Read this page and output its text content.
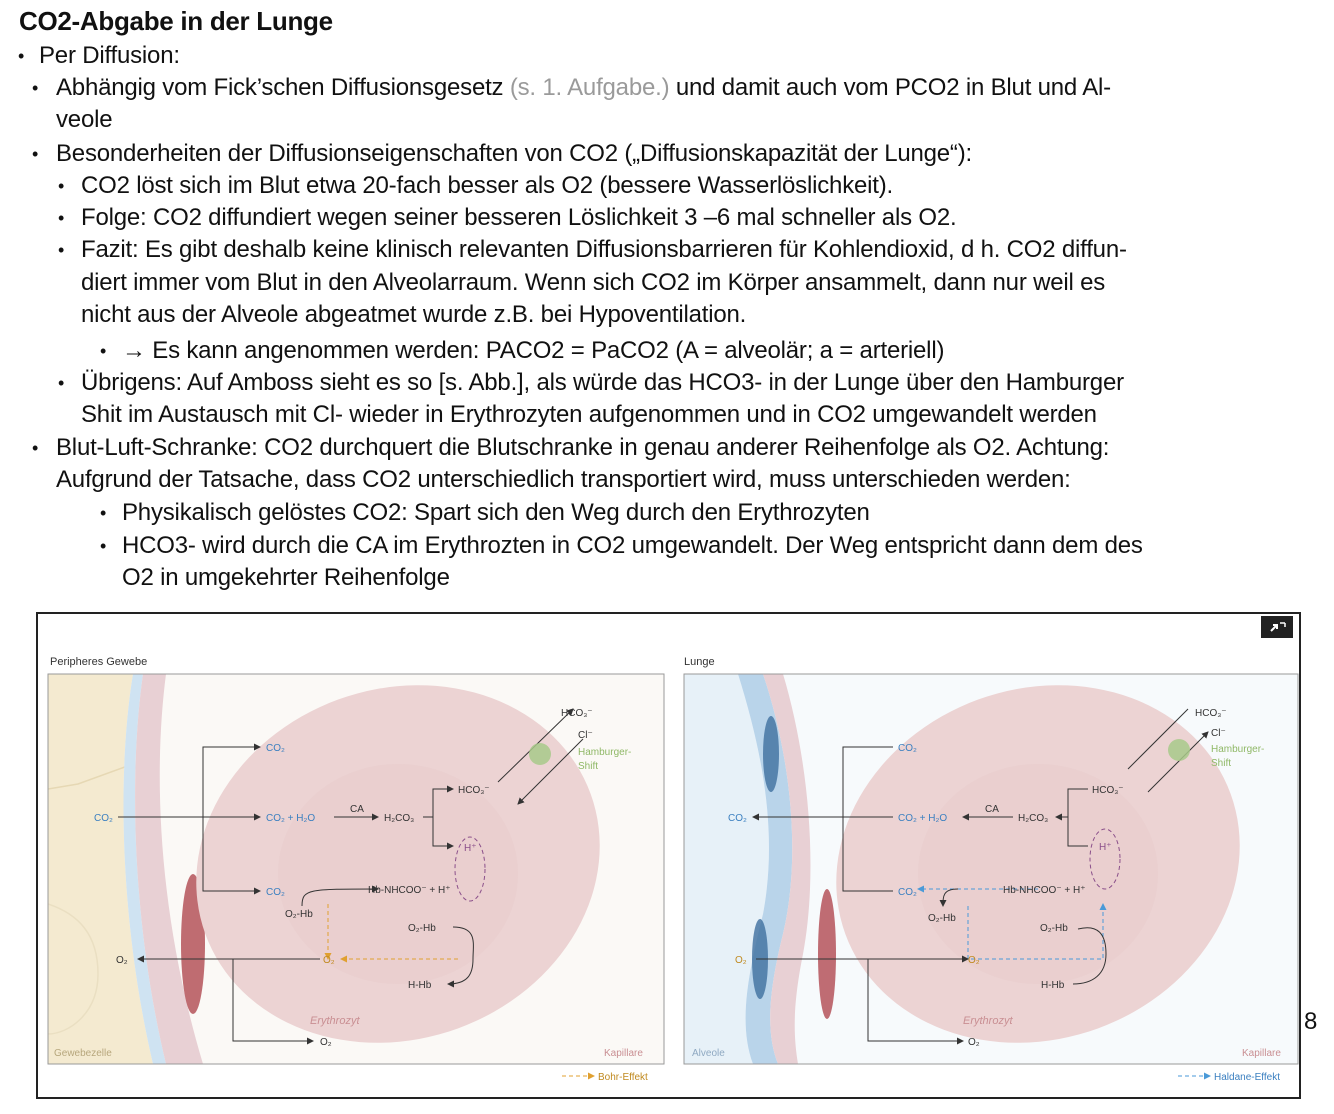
CO2-Abgabe in der Lunge
• Per Diffusion:
• Abhängig vom Fick’schen Diffusionsgesetz (s. 1. Aufgabe.) und damit auch vom PCO2 in Blut und Al-
veole
• Besonderheiten der Diffusionseigenschaften von CO2 („Diffusionskapazität der Lunge“):
• CO2 löst sich im Blut etwa 20-fach besser als O2 (bessere Wasserlöslichkeit).
• Folge: CO2 diffundiert wegen seiner besseren Löslichkeit 3 –6 mal schneller als O2.
• Fazit: Es gibt deshalb keine klinisch relevanten Diffusionsbarrieren für Kohlendioxid, d h. CO2 diffun-
diert immer vom Blut in den Alveolarraum. Wenn sich CO2 im Körper ansammelt, dann nur weil es
nicht aus der Alveole abgeatmet wurde z.B. bei Hypoventilation.
• → Es kann angenommen werden: PACO2 = PaCO2 (A = alveolär; a = arteriell)
• Übrigens: Auf Amboss sieht es so [s. Abb.], als würde das HCO3- in der Lunge über den Hamburger
Shit im Austausch mit Cl- wieder in Erythrozyten aufgenommen und in CO2 umgewandelt werden
• Blut-Luft-Schranke: CO2 durchquert die Blutschranke in genau anderer Reihenfolge als O2. Achtung:
Aufgrund der Tatsache, dass CO2 unterschiedlich transportiert wird, muss unterschieden werden:
• Physikalisch gelöstes CO2: Spart sich den Weg durch den Erythrozyten
• HCO3- wird durch die CA im Erythrozten in CO2 umgewandelt. Der Weg entspricht dann dem des
O2 in umgekehrter Reihenfolge
Peripheres Gewebe
CO₂
CO₂
CO₂ + H₂O
CO₂
CA
H₂CO₃
HCO₃⁻
H⁺
HCO₃⁻
Cl⁻
Hamburger-
Shift
Hb-NHCOO⁻ + H⁺
O₂-Hb
O₂-Hb
H-Hb
O₂
O₂
O₂
Erythrozyt
Gewebezelle	Kapillare
Bohr-Effekt
Lunge
CO₂
CO₂
CO₂ + H₂O
CO₂
CA
H₂CO₃
HCO₃⁻
H⁺
HCO₃⁻
Cl⁻
Hamburger-
Shift
Hb-NHCOO⁻ + H⁺
O₂-Hb
O₂-Hb
H-Hb
O₂
O₂
O₂
Erythrozyt
Alveole	Kapillare
Haldane-Effekt
8
